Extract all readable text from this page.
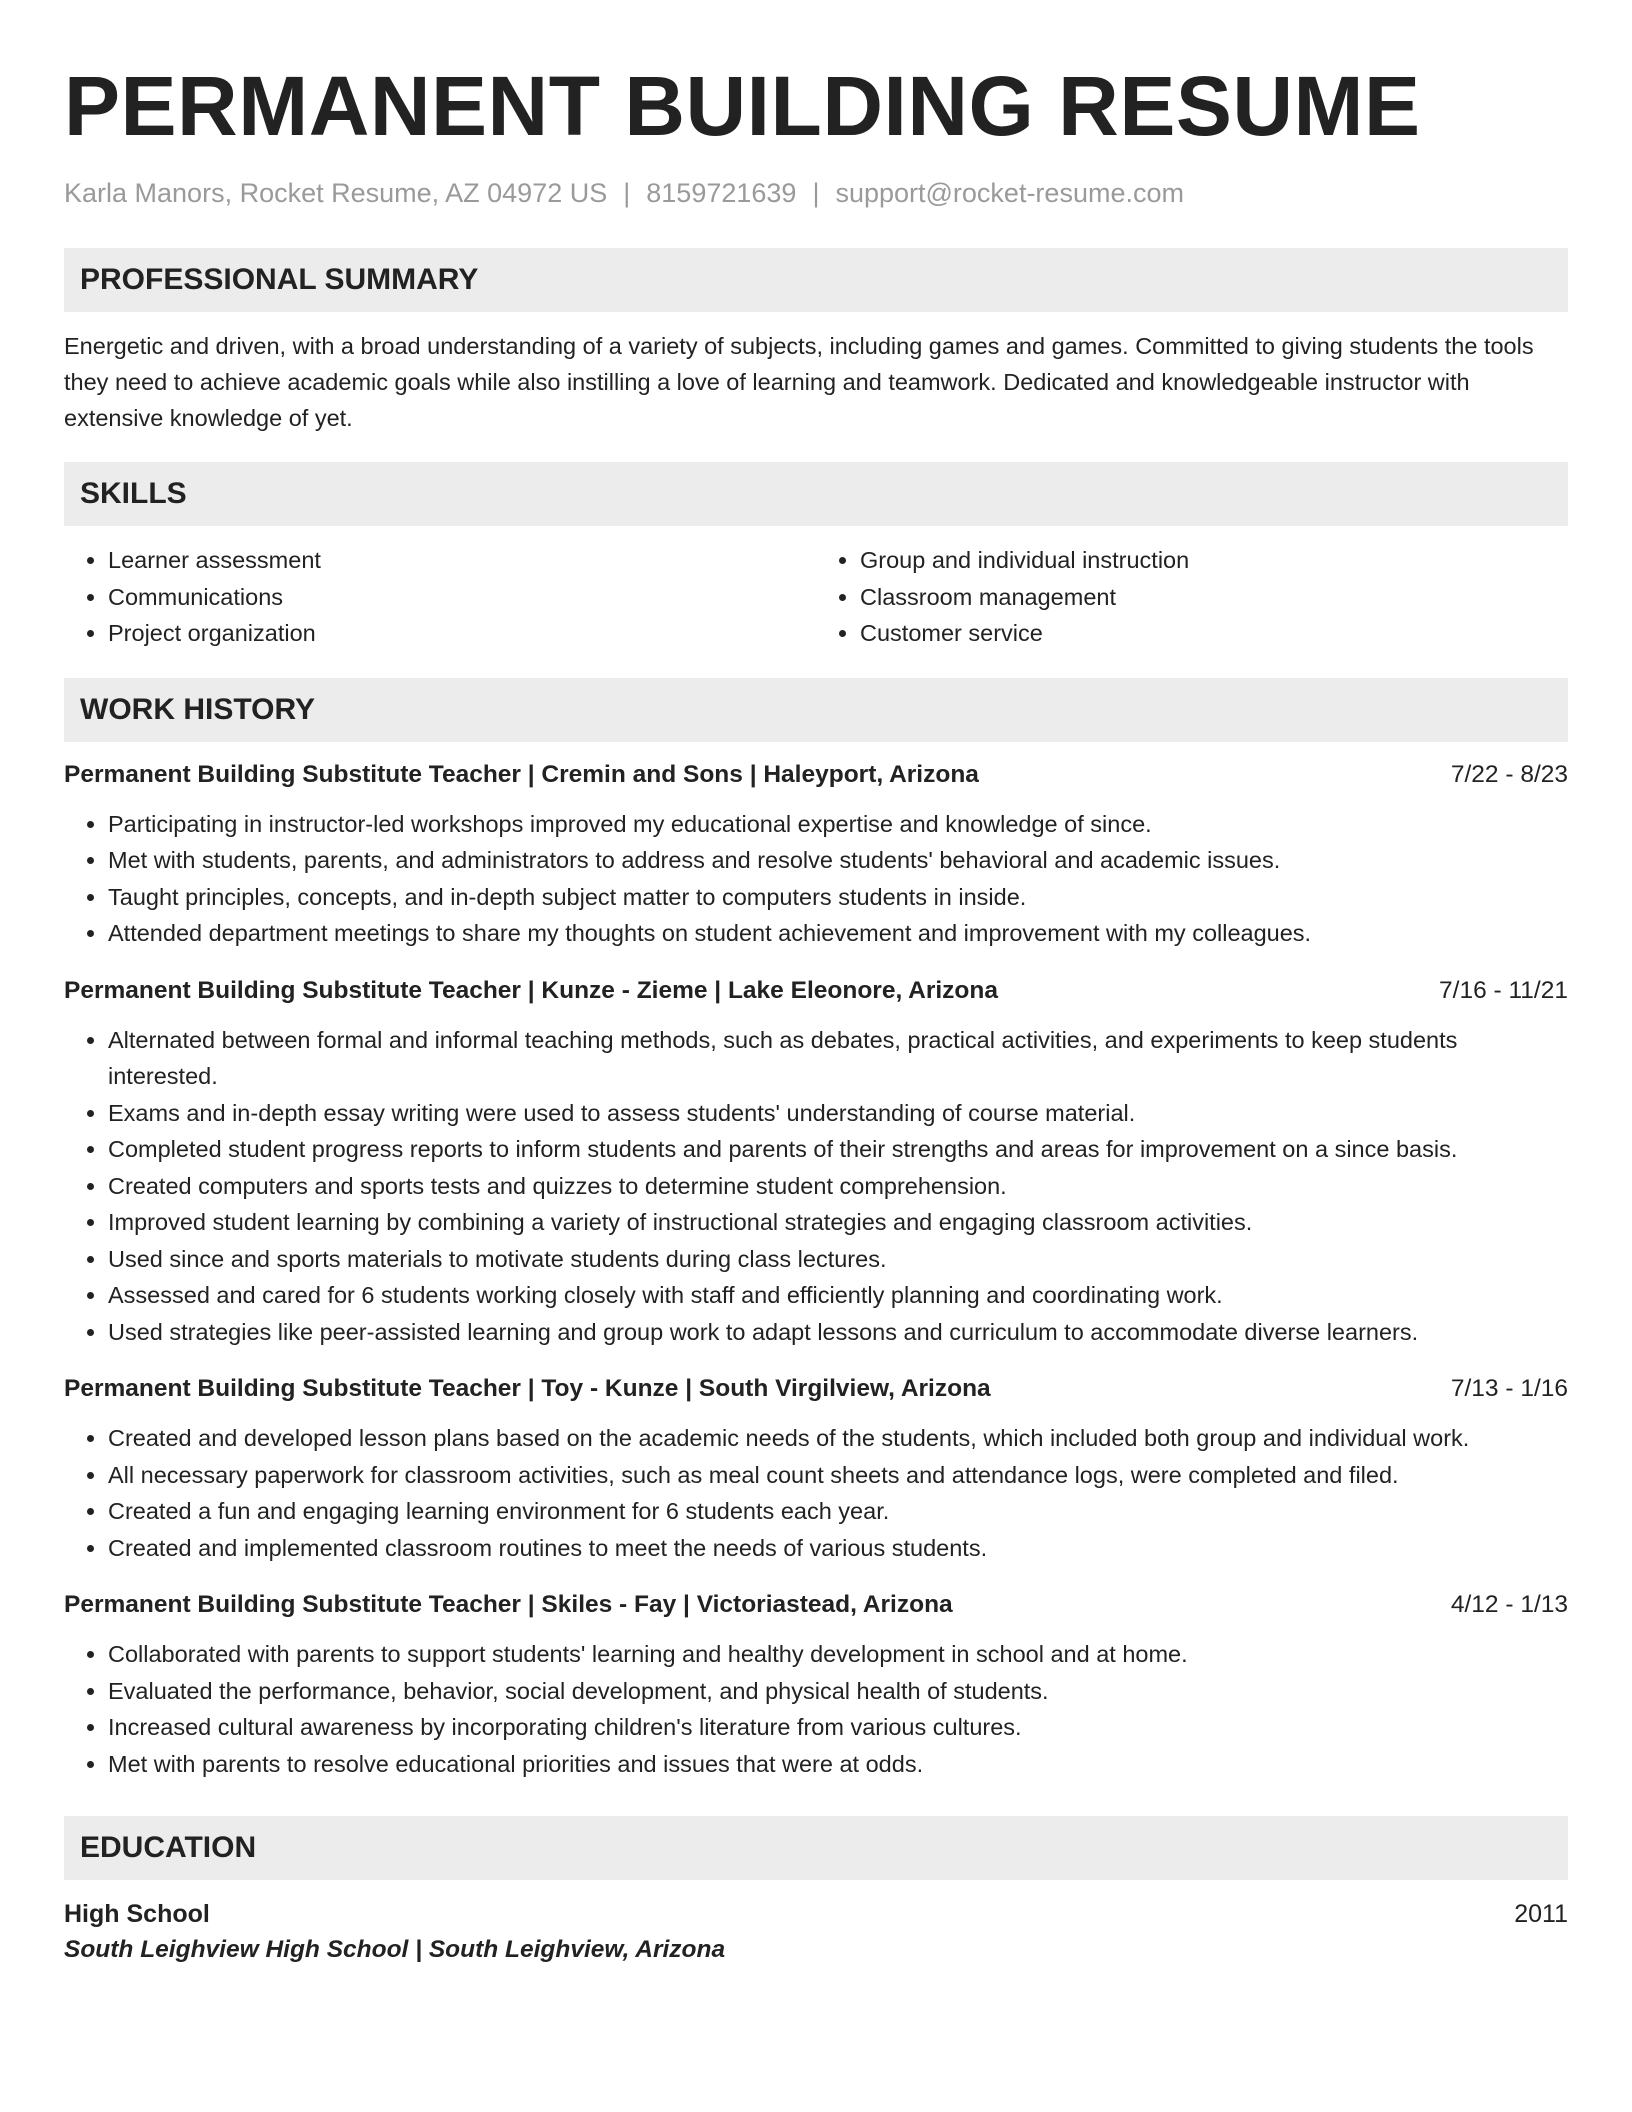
PERMANENT BUILDING RESUME
Karla Manors, Rocket Resume, AZ 04972 US | 8159721639 | support@rocket-resume.com
PROFESSIONAL SUMMARY
Energetic and driven, with a broad understanding of a variety of subjects, including games and games. Committed to giving students the tools they need to achieve academic goals while also instilling a love of learning and teamwork. Dedicated and knowledgeable instructor with extensive knowledge of yet.
SKILLS
• Learner assessment
• Communications
• Project organization
• Group and individual instruction
• Classroom management
• Customer service
WORK HISTORY
Permanent Building Substitute Teacher | Cremin and Sons | Haleyport, Arizona	7/22 - 8/23
• Participating in instructor-led workshops improved my educational expertise and knowledge of since.
• Met with students, parents, and administrators to address and resolve students' behavioral and academic issues.
• Taught principles, concepts, and in-depth subject matter to computers students in inside.
• Attended department meetings to share my thoughts on student achievement and improvement with my colleagues.
Permanent Building Substitute Teacher | Kunze - Zieme | Lake Eleonore, Arizona	7/16 - 11/21
• Alternated between formal and informal teaching methods, such as debates, practical activities, and experiments to keep students interested.
• Exams and in-depth essay writing were used to assess students' understanding of course material.
• Completed student progress reports to inform students and parents of their strengths and areas for improvement on a since basis.
• Created computers and sports tests and quizzes to determine student comprehension.
• Improved student learning by combining a variety of instructional strategies and engaging classroom activities.
• Used since and sports materials to motivate students during class lectures.
• Assessed and cared for 6 students working closely with staff and efficiently planning and coordinating work.
• Used strategies like peer-assisted learning and group work to adapt lessons and curriculum to accommodate diverse learners.
Permanent Building Substitute Teacher | Toy - Kunze | South Virgilview, Arizona	7/13 - 1/16
• Created and developed lesson plans based on the academic needs of the students, which included both group and individual work.
• All necessary paperwork for classroom activities, such as meal count sheets and attendance logs, were completed and filed.
• Created a fun and engaging learning environment for 6 students each year.
• Created and implemented classroom routines to meet the needs of various students.
Permanent Building Substitute Teacher | Skiles - Fay | Victoriastead, Arizona	4/12 - 1/13
• Collaborated with parents to support students' learning and healthy development in school and at home.
• Evaluated the performance, behavior, social development, and physical health of students.
• Increased cultural awareness by incorporating children's literature from various cultures.
• Met with parents to resolve educational priorities and issues that were at odds.
EDUCATION
High School	2011
South Leighview High School | South Leighview, Arizona
